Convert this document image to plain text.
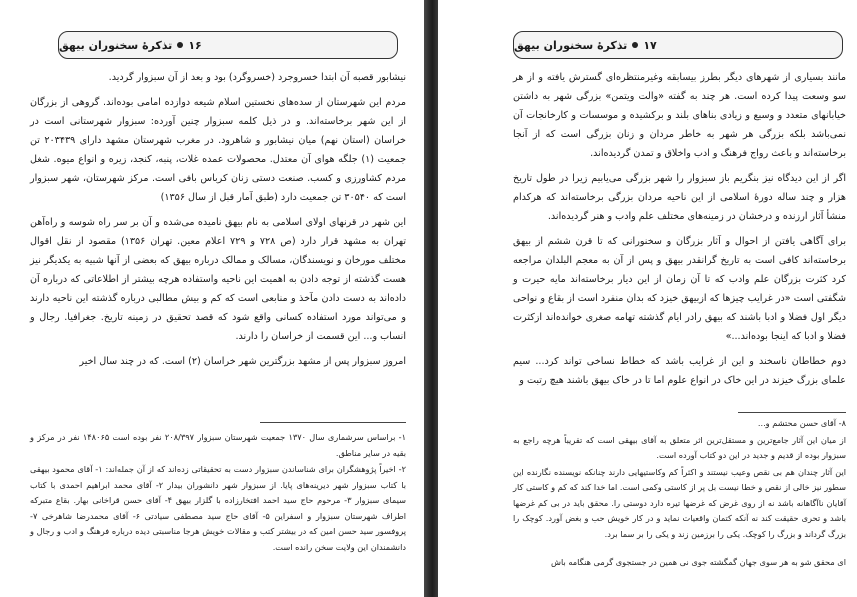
۱۶
تذکرهٔ سخنوران بیهق

نیشابور قصبه آن ابتدا خسروجرد (خسروگرد) بود و بعد از آن سبزوار گردید.

مردم این شهرستان از سده‌های نخستین اسلام شیعه دوازده امامی بوده‌اند. گروهی از بزرگان از این شهر برخاسته‌اند. و در ذیل کلمه سبزوار چنین آورده: سبزوار شهرستانی است در خراسان (استان نهم) میان نیشابور و شاهرود. در مغرب شهرستان مشهد دارای ۲۰۳۴۳۹ تن جمعیت (۱) جلگه هوای آن معتدل. محصولات عمده غلات، پنبه، کنجد، زیره و انواع میوه. شغل مردم کشاورزی و کسب. صنعت دستی زنان کرباس بافی است. مرکز شهرستان، شهر سبزوار است که ۳۰۵۴۰ تن جمعیت دارد (طبق آمار قبل از سال ۱۳۵۶)

این شهر در قرنهای اولای اسلامی به نام بیهق نامیده می‌شده و آن بر سر راه شوسه و راه‌آهن تهران به مشهد قرار دارد (ص ۷۲۸ و ۷۲۹ اعلام معین. تهران ۱۳۵۶) مقصود از نقل اقوال مختلف مورخان و نویسندگان، مسالک و ممالک درباره بیهق که بعضی از آنها شبیه به یکدیگر نیز هست گذشته از توجه دادن به اهمیت این ناحیه واستفاده هرچه بیشتر از اطلاعاتی که درباره آن داده‌اند به دست دادن مآخذ و منابعی است که کم و بیش مطالبی درباره گذشته این ناحیه دارند و می‌تواند مورد استفاده کسانی واقع شود که قصد تحقیق در زمینه تاریخ. جغرافیا. رجال و انساب و... این قسمت از خراسان را دارند.

امروز سبزوار پس از مشهد بزرگترین شهر خراسان (۲) است. که در چند سال اخیر

۱- براساس سرشماری سال ۱۳۷۰ جمعیت شهرستان سبزوار ۲۰۸/۳۹۷ نفر بوده است ۱۴۸۰۶۵ نفر در مرکز و بقیه در سایر مناطق.

۲- اخیراً پژوهشگران برای شناساندن سبزوار دست به تحقیقاتی زده‌اند که از آن جمله‌اند: ۱- آقای محمود بیهقی با کتاب سبزوار شهر دیرینه‌های پایا. از سبزوار شهر دانشوران بیدار ۲- آقای محمد ابراهیم احمدی با کتاب سیمای سبزوار ۳- مرحوم حاج سید احمد افتخارزاده با گلزار بیهق ۴- آقای حسن قراخانی بهار. بقاع متبرکه اطراف شهرستان سبزوار و اسفراین ۵- آقای حاج سید مصطفی سیادتی ۶- آقای محمدرضا شاهرخی ۷- پروفسور سید حسن امین که در بیشتر کتب و مقالات خویش هرجا مناسبتی دیده درباره فرهنگ و ادب و رجال و دانشمندان این ولایت سخن رانده است.

۱۷
تذکرهٔ سخنوران بیهق

مانند بسیاری از شهرهای دیگر بطرز بیسابقه وغیرمنتظره‌ای گسترش یافته و از هر سو وسعت پیدا کرده است. هر چند به گفته «والت ویتمن» بزرگی شهر به داشتن خیابانهای متعدد و وسیع و زیادی بناهای بلند و برکشیده و موسسات و کارخانجات آن نمی‌باشد بلکه بزرگی هر شهر به خاطر مردان و زنان بزرگی است که از آنجا برخاسته‌اند و باعث رواج فرهنگ و ادب واخلاق و تمدن گردیده‌اند.

اگر از این دیدگاه نیز بنگریم باز سبزوار را شهر بزرگی می‌یابیم زیرا در طول تاریخ هزار و چند ساله دورهٔ اسلامی از این ناحیه مردان بزرگی برخاسته‌اند که هرکدام منشأ آثار ارزنده و درخشان در زمینه‌های مختلف علم وادب و هنر گردیده‌اند.

برای آگاهی یافتن از احوال و آثار بزرگان و سخنورانی که تا قرن ششم از بیهق برخاسته‌اند کافی است به تاریخ گرانقدر بیهق و پس از آن به معجم البلدان مراجعه کرد کثرت بزرگان علم وادب که تا آن زمان از این دیار برخاسته‌اند مایه حیرت و شگفتی است «در غرایب چیزها که ازبیهق خیزد که بدان منفرد است از بقاع و نواحی دیگر اول فضلا و ادبا باشند که بیهق رادر ایام گذشته تهامه صغری خوانده‌اند ازکثرت فضلا و ادبا که اینجا بوده‌اند...»

دوم خطاطان ناسخند و این از غرایب باشد که خطاط نساخی تواند کرد... سیم علمای بزرگ خیزند در این خاک در انواع علوم اما تا در خاک بیهق باشند هیچ رتبت و

۸- آقای حسن محتشم و...

از میان این آثار جامع‌ترین و مستقل‌ترین اثر متعلق به آقای بیهقی است که تقریباً هرچه راجع به سبزوار بوده از قدیم و جدید در این دو کتاب آورده است.

این آثار چندان هم بی نقص وعیب نیستند و اکثراً کم وکاستیهایی دارند چنانکه نویسنده نگارنده این سطور نیز خالی از نقص و خطا نیست بل پر از کاستی وکمی است. اما خدا کند که کم و کاستی کار آقایان ناآگاهانه باشد نه از روی غرض که غرضها تیره دارد دوستی را. محقق باید در بی کم غرضها باشد و تحری حقیقت کند نه آنکه کتمان واقعیات نماید و در کار خویش حب و بغض آورد. کوچک را بزرگ گرداند و بزرگ را کوچک. یکی را برزمین زند و یکی را بر سما برد.

ای محقق شو به هر سوی جهان گمگشته جوی نی همین در جستجوی گرمی هنگامه باش
